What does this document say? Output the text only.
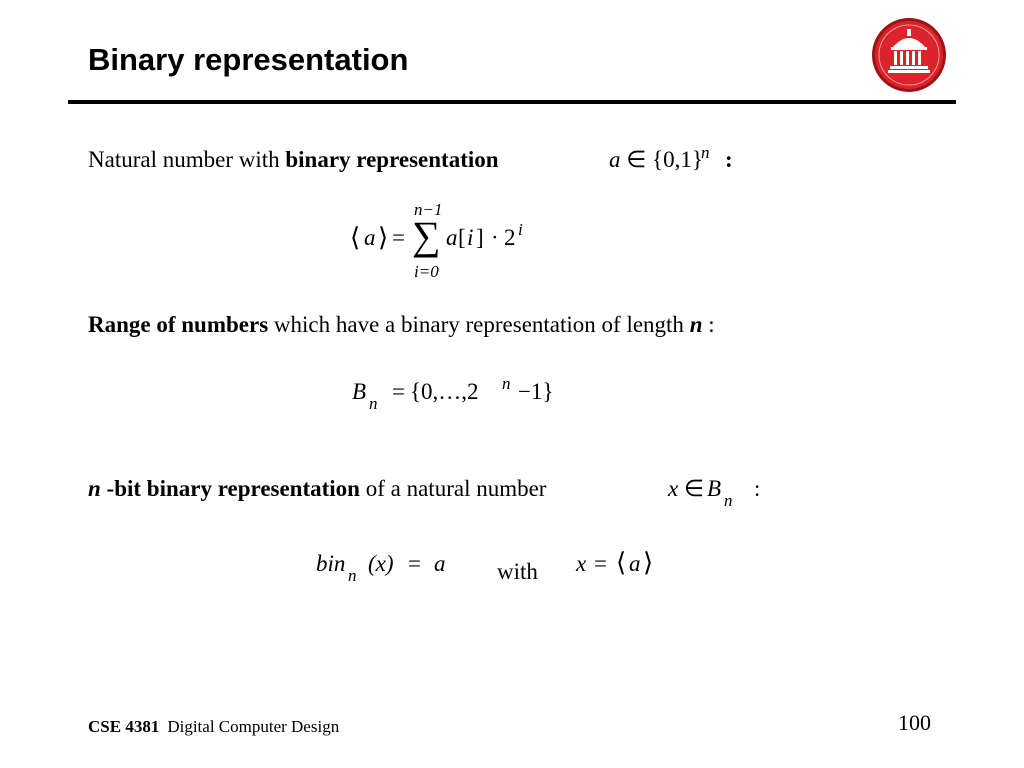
Binary representation
Natural number with binary representation	a ∈ {0,1}
n :
⟨ a ⟩ =
n−1
∑
i=0
a [ i ] · 2 i
Range of numbers which have a binary representation of length n :
B n = {0,…,2 n −1}
n -bit binary representation of a natural number	x ∈ B n :
bin n (x) = a with x = ⟨ a ⟩
CSE 4381 Digital Computer Design	100
